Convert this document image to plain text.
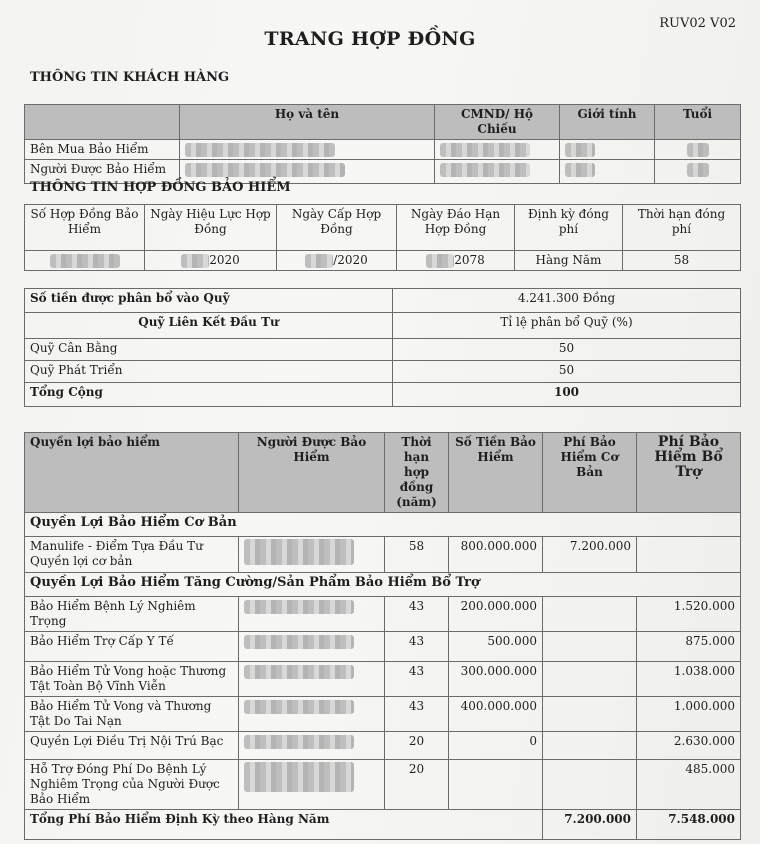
RUV02 V02
TRANG HỢP ĐỒNG
THÔNG TIN KHÁCH HÀNG
	Họ và tên	CMND/ Hộ Chiếu	Giới tính	Tuổi
Bên Mua Bảo Hiểm				
Người Được Bảo Hiểm				
THÔNG TIN HỢP ĐỒNG BẢO HIỂM
Số Hợp Đồng Bảo Hiểm	Ngày Hiệu Lực Hợp Đồng	Ngày Cấp Hợp Đồng	Ngày Đáo Hạn Hợp Đồng	Định kỳ đóng phí	Thời hạn đóng phí
	2020	/2020	2078	Hàng Năm	58
Số tiền được phân bổ vào Quỹ	4.241.300 Đồng
Quỹ Liên Kết Đầu Tư	Tỉ lệ phân bổ Quỹ (%)
Quỹ Cân Bằng	50
Quỹ Phát Triển	50
Tổng Cộng	100
Quyền lợi bảo hiểm	Người Được Bảo Hiểm	Thời hạn hợp đồng (năm)	Số Tiền Bảo Hiểm	Phí Bảo Hiểm Cơ Bản	Phí Bảo Hiểm Bổ Trợ
Quyền Lợi Bảo Hiểm Cơ Bản					

Manulife - Điểm Tựa Đầu Tư
Quyền lợi cơ bản		58	800.000.000	7.200.000	
Quyền Lợi Bảo Hiểm Tăng Cường/Sản Phẩm Bảo Hiểm Bổ Trợ					
Bảo Hiểm Bệnh Lý Nghiêm Trọng		43	200.000.000		1.520.000
Bảo Hiểm Trợ Cấp Y Tế		43	500.000		875.000
Bảo Hiểm Tử Vong hoặc Thương Tật Toàn Bộ Vĩnh Viễn		43	300.000.000		1.038.000
Bảo Hiểm Tử Vong và Thương Tật Do Tai Nạn		43	400.000.000		1.000.000
Quyền Lợi Điều Trị Nội Trú Bạc		20	0		2.630.000
Hỗ Trợ Đóng Phí Do Bệnh Lý Nghiêm Trọng của Người Được Bảo Hiểm		20			485.000
Tổng Phí Bảo Hiểm Định Kỳ theo Hàng Năm				7.200.000	7.548.000
